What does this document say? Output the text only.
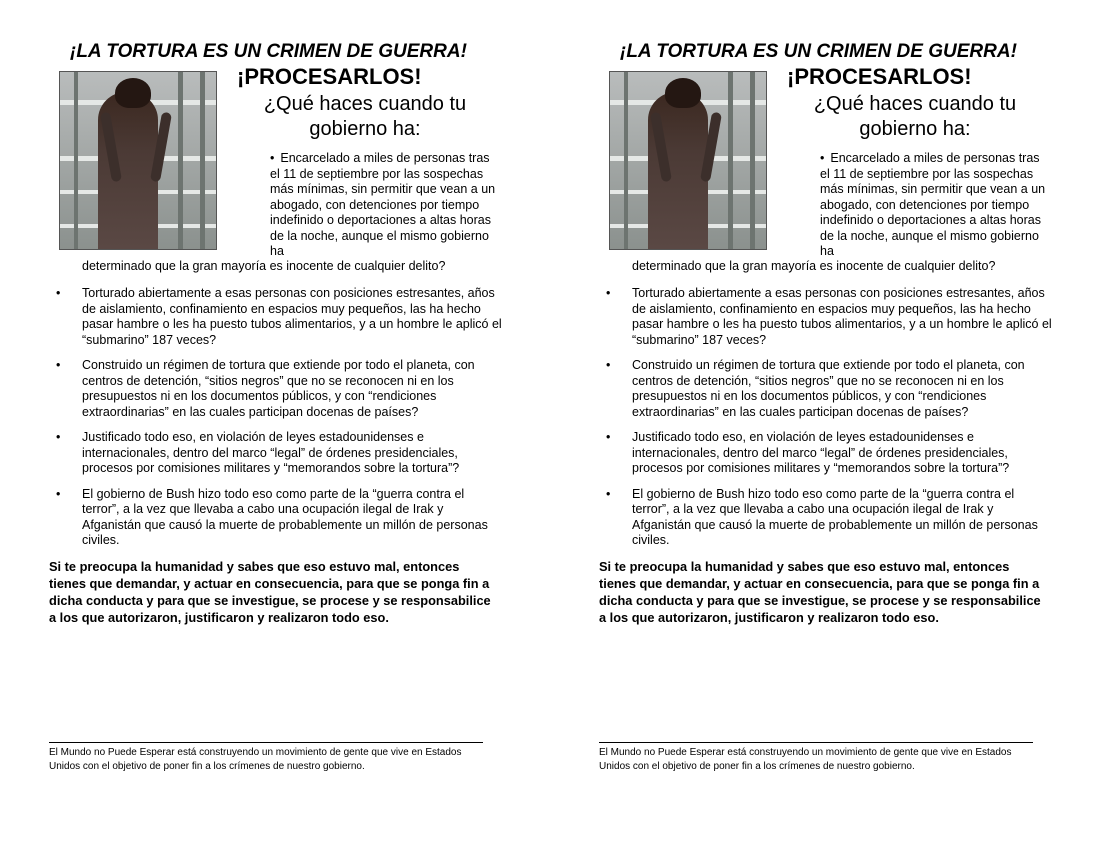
¡LA TORTURA ES UN CRIMEN DE GUERRA!
¡PROCESARLOS!
¿Qué haces cuando tu gobierno ha:
• Encarcelado a miles de personas tras el 11 de septiembre por las sospechas más mínimas, sin permitir que vean a un abogado, con detenciones por tiempo indefinido o deportaciones a altas horas de la noche, aunque el mismo gobierno ha
determinado que la gran mayoría es inocente de cualquier delito?
• Torturado abiertamente a esas personas con posiciones estresantes, años de aislamiento, confinamiento en espacios muy pequeños, las ha hecho pasar hambre o les ha puesto tubos alimentarios, y a un hombre le aplicó el “submarino” 187 veces?
• Construido un régimen de tortura que extiende por todo el planeta, con centros de detención, “sitios negros” que no se reconocen ni en los presupuestos ni en los documentos públicos, y con “rendiciones extraordinarias” en las cuales participan docenas de países?
• Justificado todo eso, en violación de leyes estadounidenses e internacionales, dentro del marco “legal” de órdenes presidenciales, procesos por comisiones militares y “memorandos sobre la tortura”?
• El gobierno de Bush hizo todo eso como parte de la “guerra contra el terror”, a la vez que llevaba a cabo una ocupación ilegal de Irak y Afganistán que causó la muerte de probablemente un millón de personas civiles.
Si te preocupa la humanidad y sabes que eso estuvo mal, entonces tienes que demandar, y actuar en consecuencia, para que se ponga fin a dicha conducta y para que se investigue, se procese y se responsabilice a los que autorizaron, justificaron y realizaron todo eso.
El Mundo no Puede Esperar está construyendo un movimiento de gente que vive en Estados Unidos con el objetivo de poner fin a los crímenes de nuestro gobierno.
¡LA TORTURA ES UN CRIMEN DE GUERRA!
¡PROCESARLOS!
¿Qué haces cuando tu gobierno ha:
• Encarcelado a miles de personas tras el 11 de septiembre por las sospechas más mínimas, sin permitir que vean a un abogado, con detenciones por tiempo indefinido o deportaciones a altas horas de la noche, aunque el mismo gobierno ha
determinado que la gran mayoría es inocente de cualquier delito?
• Torturado abiertamente a esas personas con posiciones estresantes, años de aislamiento, confinamiento en espacios muy pequeños, las ha hecho pasar hambre o les ha puesto tubos alimentarios, y a un hombre le aplicó el “submarino” 187 veces?
• Construido un régimen de tortura que extiende por todo el planeta, con centros de detención, “sitios negros” que no se reconocen ni en los presupuestos ni en los documentos públicos, y con “rendiciones extraordinarias” en las cuales participan docenas de países?
• Justificado todo eso, en violación de leyes estadounidenses e internacionales, dentro del marco “legal” de órdenes presidenciales, procesos por comisiones militares y “memorandos sobre la tortura”?
• El gobierno de Bush hizo todo eso como parte de la “guerra contra el terror”, a la vez que llevaba a cabo una ocupación ilegal de Irak y Afganistán que causó la muerte de probablemente un millón de personas civiles.
Si te preocupa la humanidad y sabes que eso estuvo mal, entonces tienes que demandar, y actuar en consecuencia, para que se ponga fin a dicha conducta y para que se investigue, se procese y se responsabilice a los que autorizaron, justificaron y realizaron todo eso.
El Mundo no Puede Esperar está construyendo un movimiento de gente que vive en Estados Unidos con el objetivo de poner fin a los crímenes de nuestro gobierno.
